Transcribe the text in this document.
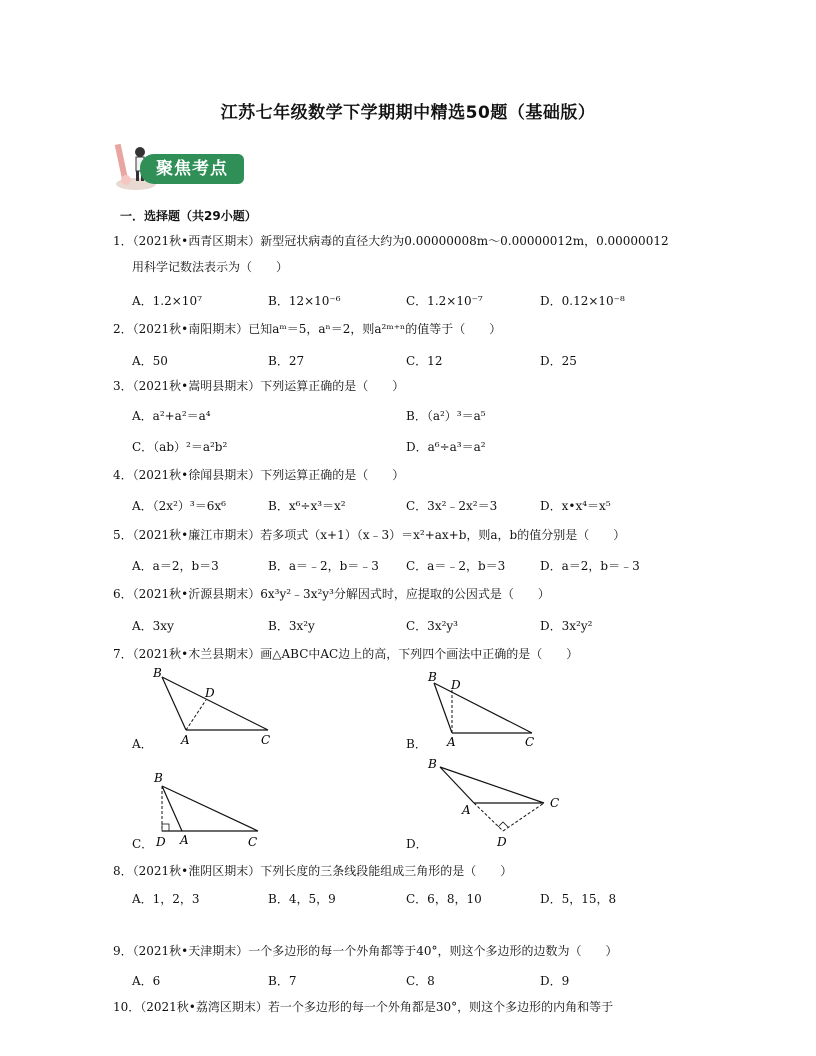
江苏七年级数学下学期期中精选50题（基础版）
聚焦考点
一．选择题（共29小题）
1．（2021秋•西青区期末）新型冠状病毒的直径大约为0.00000008m～0.00000012m，0.00000012
用科学记数法表示为（　　）
A．1.2×10⁷	B．12×10⁻⁶	C．1.2×10⁻⁷	D．0.12×10⁻⁸
2．（2021秋•南阳期末）已知aᵐ＝5，aⁿ＝2，则a²ᵐ⁺ⁿ的值等于（　　）
A．50	B．27	C．12	D．25
3．（2021秋•嵩明县期末）下列运算正确的是（　　）
A．a²+a²＝a⁴	B．（a²）³＝a⁵
C．（ab）²＝a²b²	D．a⁶÷a³＝a²
4．（2021秋•徐闻县期末）下列运算正确的是（　　）
A．（2x²）³＝6x⁶	B．x⁶÷x³＝x²	C．3x²﹣2x²＝3	D．x•x⁴＝x⁵
5．（2021秋•廉江市期末）若多项式（x+1）（x﹣3）＝x²+ax+b，则a，b的值分别是（　　）
A．a＝2，b＝3	B．a＝﹣2，b＝﹣3 C．a＝﹣2，b＝3	D．a＝2，b＝﹣3
6．（2021秋•沂源县期末）6x³y²﹣3x²y³分解因式时，应提取的公因式是（　　）
A．3xy	B．3x²y	C．3x²y³	D．3x²y²
7．（2021秋•木兰县期末）画△ABC中AC边上的高，下列四个画法中正确的是（　　）
A．	B．
C．	D．
B
D
A	C
B
D
A	C
B
D A	C
B
A	C
D
8．（2021秋•淮阴区期末）下列长度的三条线段能组成三角形的是（　　）
A．1，2，3	B．4，5，9	C．6，8，10	D．5，15，8
9．（2021秋•天津期末）一个多边形的每一个外角都等于40°，则这个多边形的边数为（　　）
A．6	B．7	C．8	D．9
10．（2021秋•荔湾区期末）若一个多边形的每一个外角都是30°，则这个多边形的内角和等于
